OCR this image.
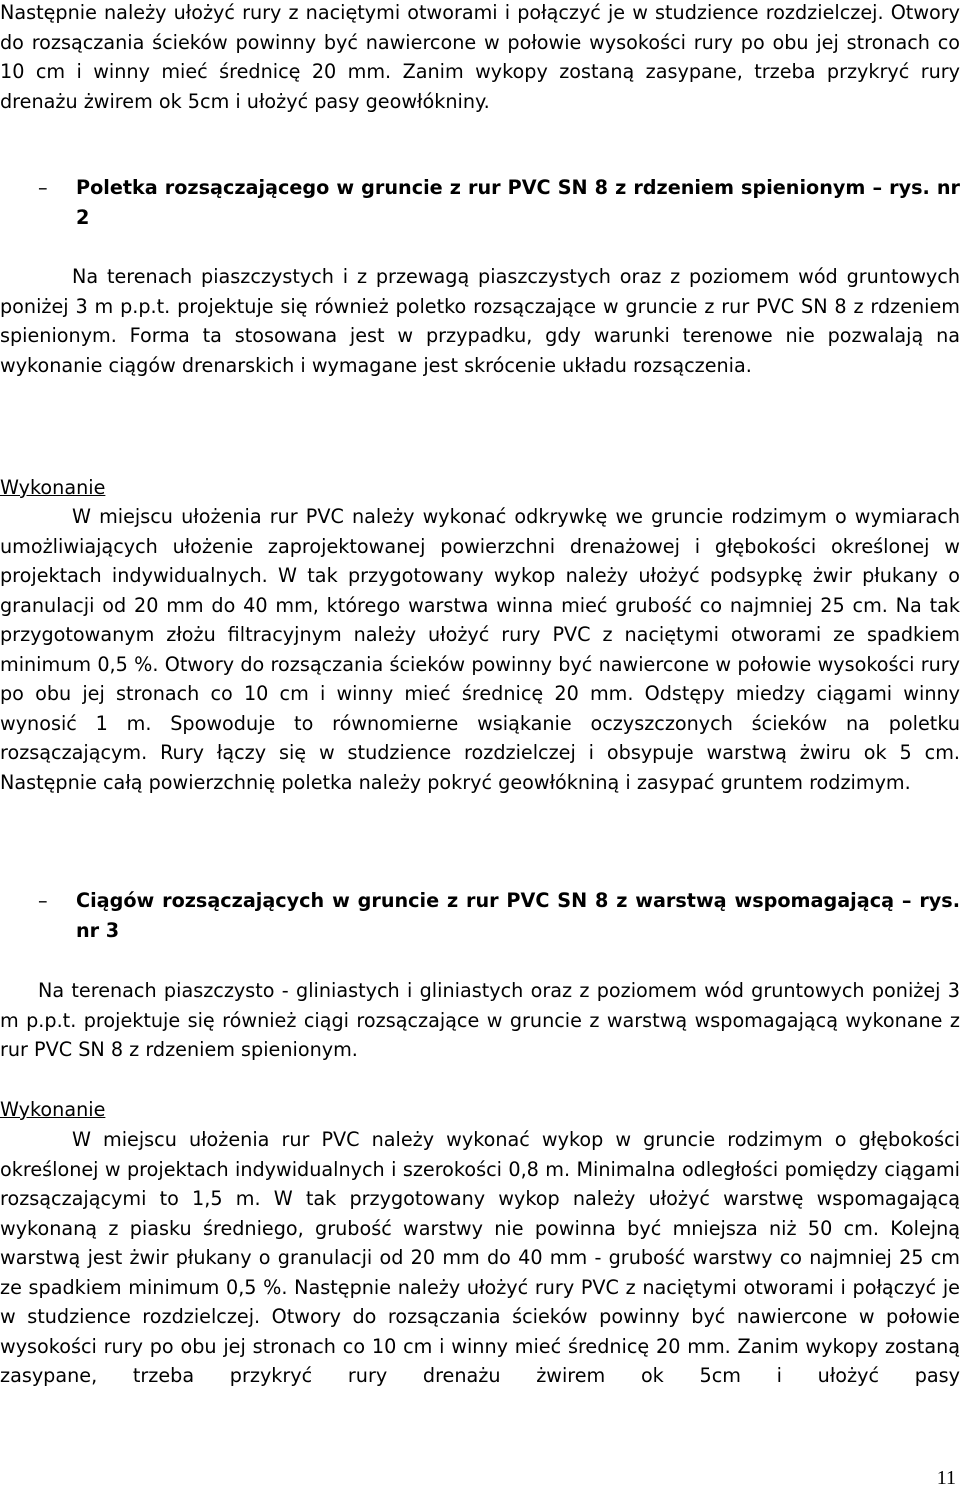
Następnie należy ułożyć rury z naciętymi otworami i połączyć je w studzience rozdzielczej. Otwory do rozsączania ścieków powinny być nawiercone w połowie wysokości rury po obu jej stronach co 10 cm i winny mieć średnicę 20 mm. Zanim wykopy zostaną zasypane, trzeba przykryć rury drenażu żwirem ok 5cm i ułożyć pasy geowłókniny.

– Poletka rozsączającego w gruncie z rur PVC SN 8 z rdzeniem spienionym – rys. nr 2

Na terenach piaszczystych i z przewagą piaszczystych oraz z poziomem wód gruntowych poniżej 3 m p.p.t. projektuje się również poletko rozsączające w gruncie z rur PVC SN 8 z rdzeniem spienionym. Forma ta stosowana jest w przypadku, gdy warunki terenowe nie pozwalają na wykonanie ciągów drenarskich i wymagane jest skrócenie układu rozsączenia.

Wykonanie

W miejscu ułożenia rur PVC należy wykonać odkrywkę we gruncie rodzimym o wymiarach umożliwiających ułożenie zaprojektowanej powierzchni drenażowej i głębokości określonej w projektach indywidualnych. W tak przygotowany wykop należy ułożyć podsypkę żwir płukany o granulacji od 20 mm do 40 mm, którego warstwa winna mieć grubość co najmniej 25 cm. Na tak przygotowanym złożu filtracyjnym należy ułożyć rury PVC z naciętymi otworami ze spadkiem minimum 0,5 %. Otwory do rozsączania ścieków powinny być nawiercone w połowie wysokości rury po obu jej stronach co 10 cm i winny mieć średnicę 20 mm. Odstępy miedzy ciągami winny wynosić 1 m. Spowoduje to równomierne wsiąkanie oczyszczonych ścieków na poletku rozsączającym. Rury łączy się w studzience rozdzielczej i obsypuje warstwą żwiru ok 5 cm. Następnie całą powierzchnię poletka należy pokryć geowłókniną i zasypać gruntem rodzimym.

– Ciągów rozsączających w gruncie z rur PVC SN 8 z warstwą wspomagającą – rys. nr 3

Na terenach piaszczysto - gliniastych i gliniastych oraz z poziomem wód gruntowych poniżej 3 m p.p.t. projektuje się również ciągi rozsączające w gruncie z warstwą wspomagającą wykonane z rur PVC SN 8 z rdzeniem spienionym.

Wykonanie

W miejscu ułożenia rur PVC należy wykonać wykop w gruncie rodzimym o głębokości określonej w projektach indywidualnych i szerokości 0,8 m. Minimalna odległości pomiędzy ciągami rozsączającymi to 1,5 m. W tak przygotowany wykop należy ułożyć warstwę wspomagającą wykonaną z piasku średniego, grubość warstwy nie powinna być mniejsza niż 50 cm. Kolejną warstwą jest żwir płukany o granulacji od 20 mm do 40 mm - grubość warstwy co najmniej 25 cm ze spadkiem minimum 0,5 %. Następnie należy ułożyć rury PVC z naciętymi otworami i połączyć je w studzience rozdzielczej. Otwory do rozsączania ścieków powinny być nawiercone w połowie wysokości rury po obu jej stronach co 10 cm i winny mieć średnicę 20 mm. Zanim wykopy zostaną zasypane, trzeba przykryć rury drenażu żwirem ok 5cm i ułożyć pasy

11
